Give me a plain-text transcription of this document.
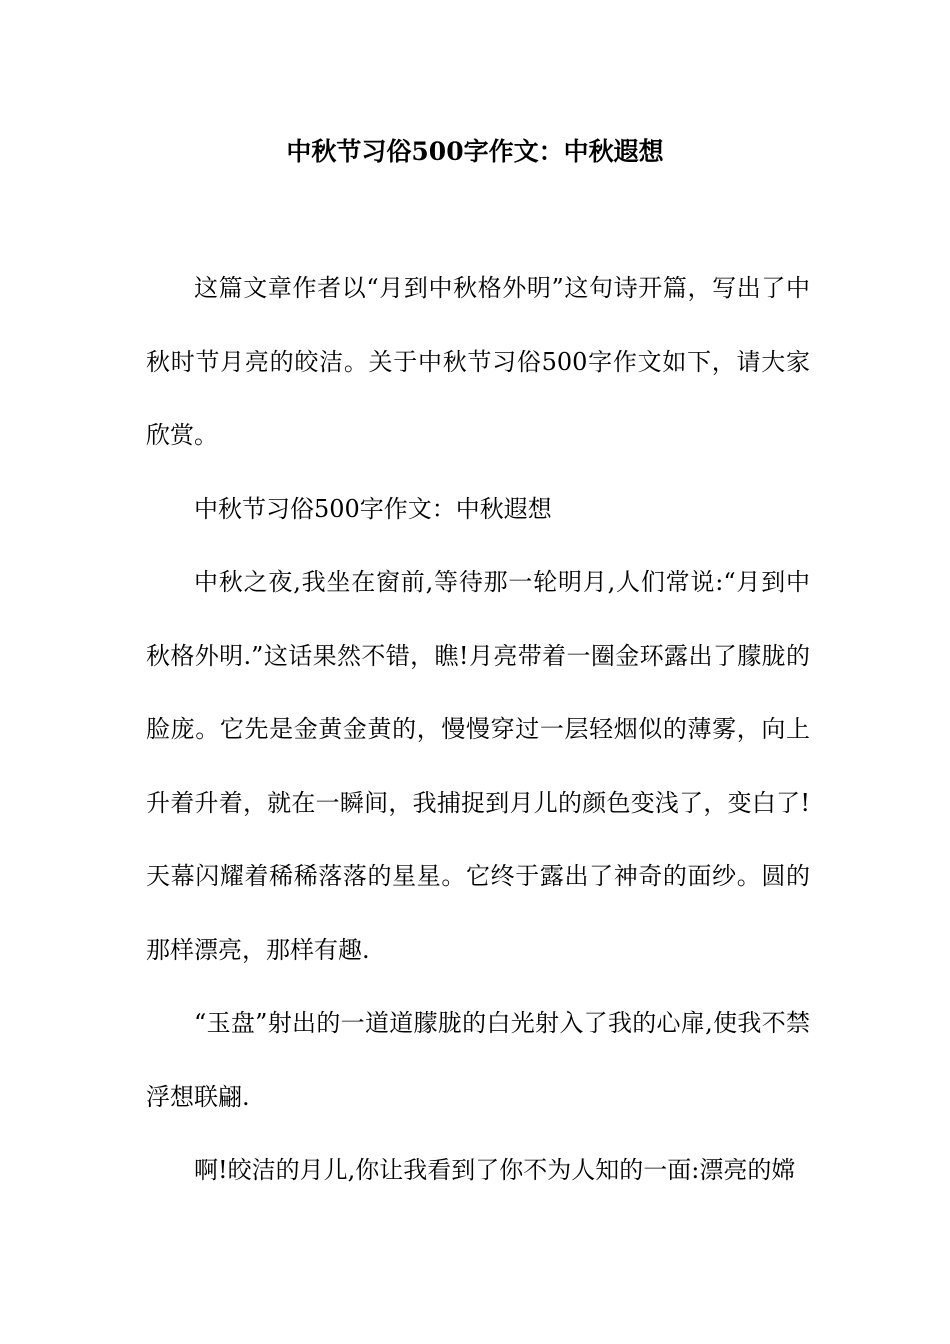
中秋节习俗500字作文：中秋遐想

这篇文章作者以“月到中秋格外明”这句诗开篇，写出了中秋时节月亮的皎洁。关于中秋节习俗500字作文如下，请大家欣赏。

中秋节习俗500字作文：中秋遐想

中秋之夜,我坐在窗前,等待那一轮明月,人们常说:“月到中秋格外明.”这话果然不错，瞧!月亮带着一圈金环露出了朦胧的脸庞。它先是金黄金黄的，慢慢穿过一层轻烟似的薄雾，向上升着升着，就在一瞬间，我捕捉到月儿的颜色变浅了，变白了!天幕闪耀着稀稀落落的星星。它终于露出了神奇的面纱。圆的那样漂亮，那样有趣.

“玉盘”射出的一道道朦胧的白光射入了我的心扉,使我不禁浮想联翩.

啊!皎洁的月儿,你让我看到了你不为人知的一面:漂亮的嫦
